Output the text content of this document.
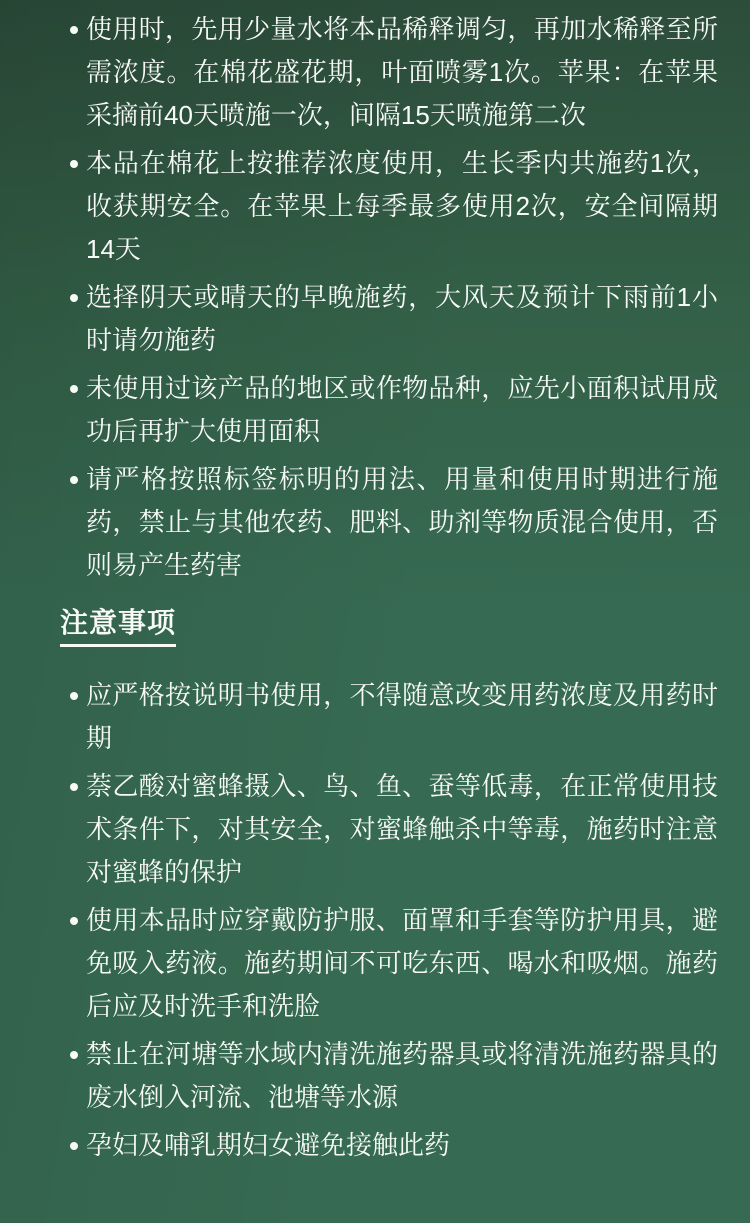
使用时，先用少量水将本品稀释调匀，再加水稀释至所需浓度。在棉花盛花期，叶面喷雾1次。苹果：在苹果采摘前40天喷施一次，间隔15天喷施第二次
本品在棉花上按推荐浓度使用，生长季内共施药1次，收获期安全。在苹果上每季最多使用2次，安全间隔期14天
选择阴天或晴天的早晚施药，大风天及预计下雨前1小时请勿施药
未使用过该产品的地区或作物品种，应先小面积试用成功后再扩大使用面积
请严格按照标签标明的用法、用量和使用时期进行施药，禁止与其他农药、肥料、助剂等物质混合使用，否则易产生药害
注意事项
应严格按说明书使用，不得随意改变用药浓度及用药时期
萘乙酸对蜜蜂摄入、鸟、鱼、蚕等低毒，在正常使用技术条件下，对其安全，对蜜蜂触杀中等毒，施药时注意对蜜蜂的保护
使用本品时应穿戴防护服、面罩和手套等防护用具，避免吸入药液。施药期间不可吃东西、喝水和吸烟。施药后应及时洗手和洗脸
禁止在河塘等水域内清洗施药器具或将清洗施药器具的废水倒入河流、池塘等水源
孕妇及哺乳期妇女避免接触此药
